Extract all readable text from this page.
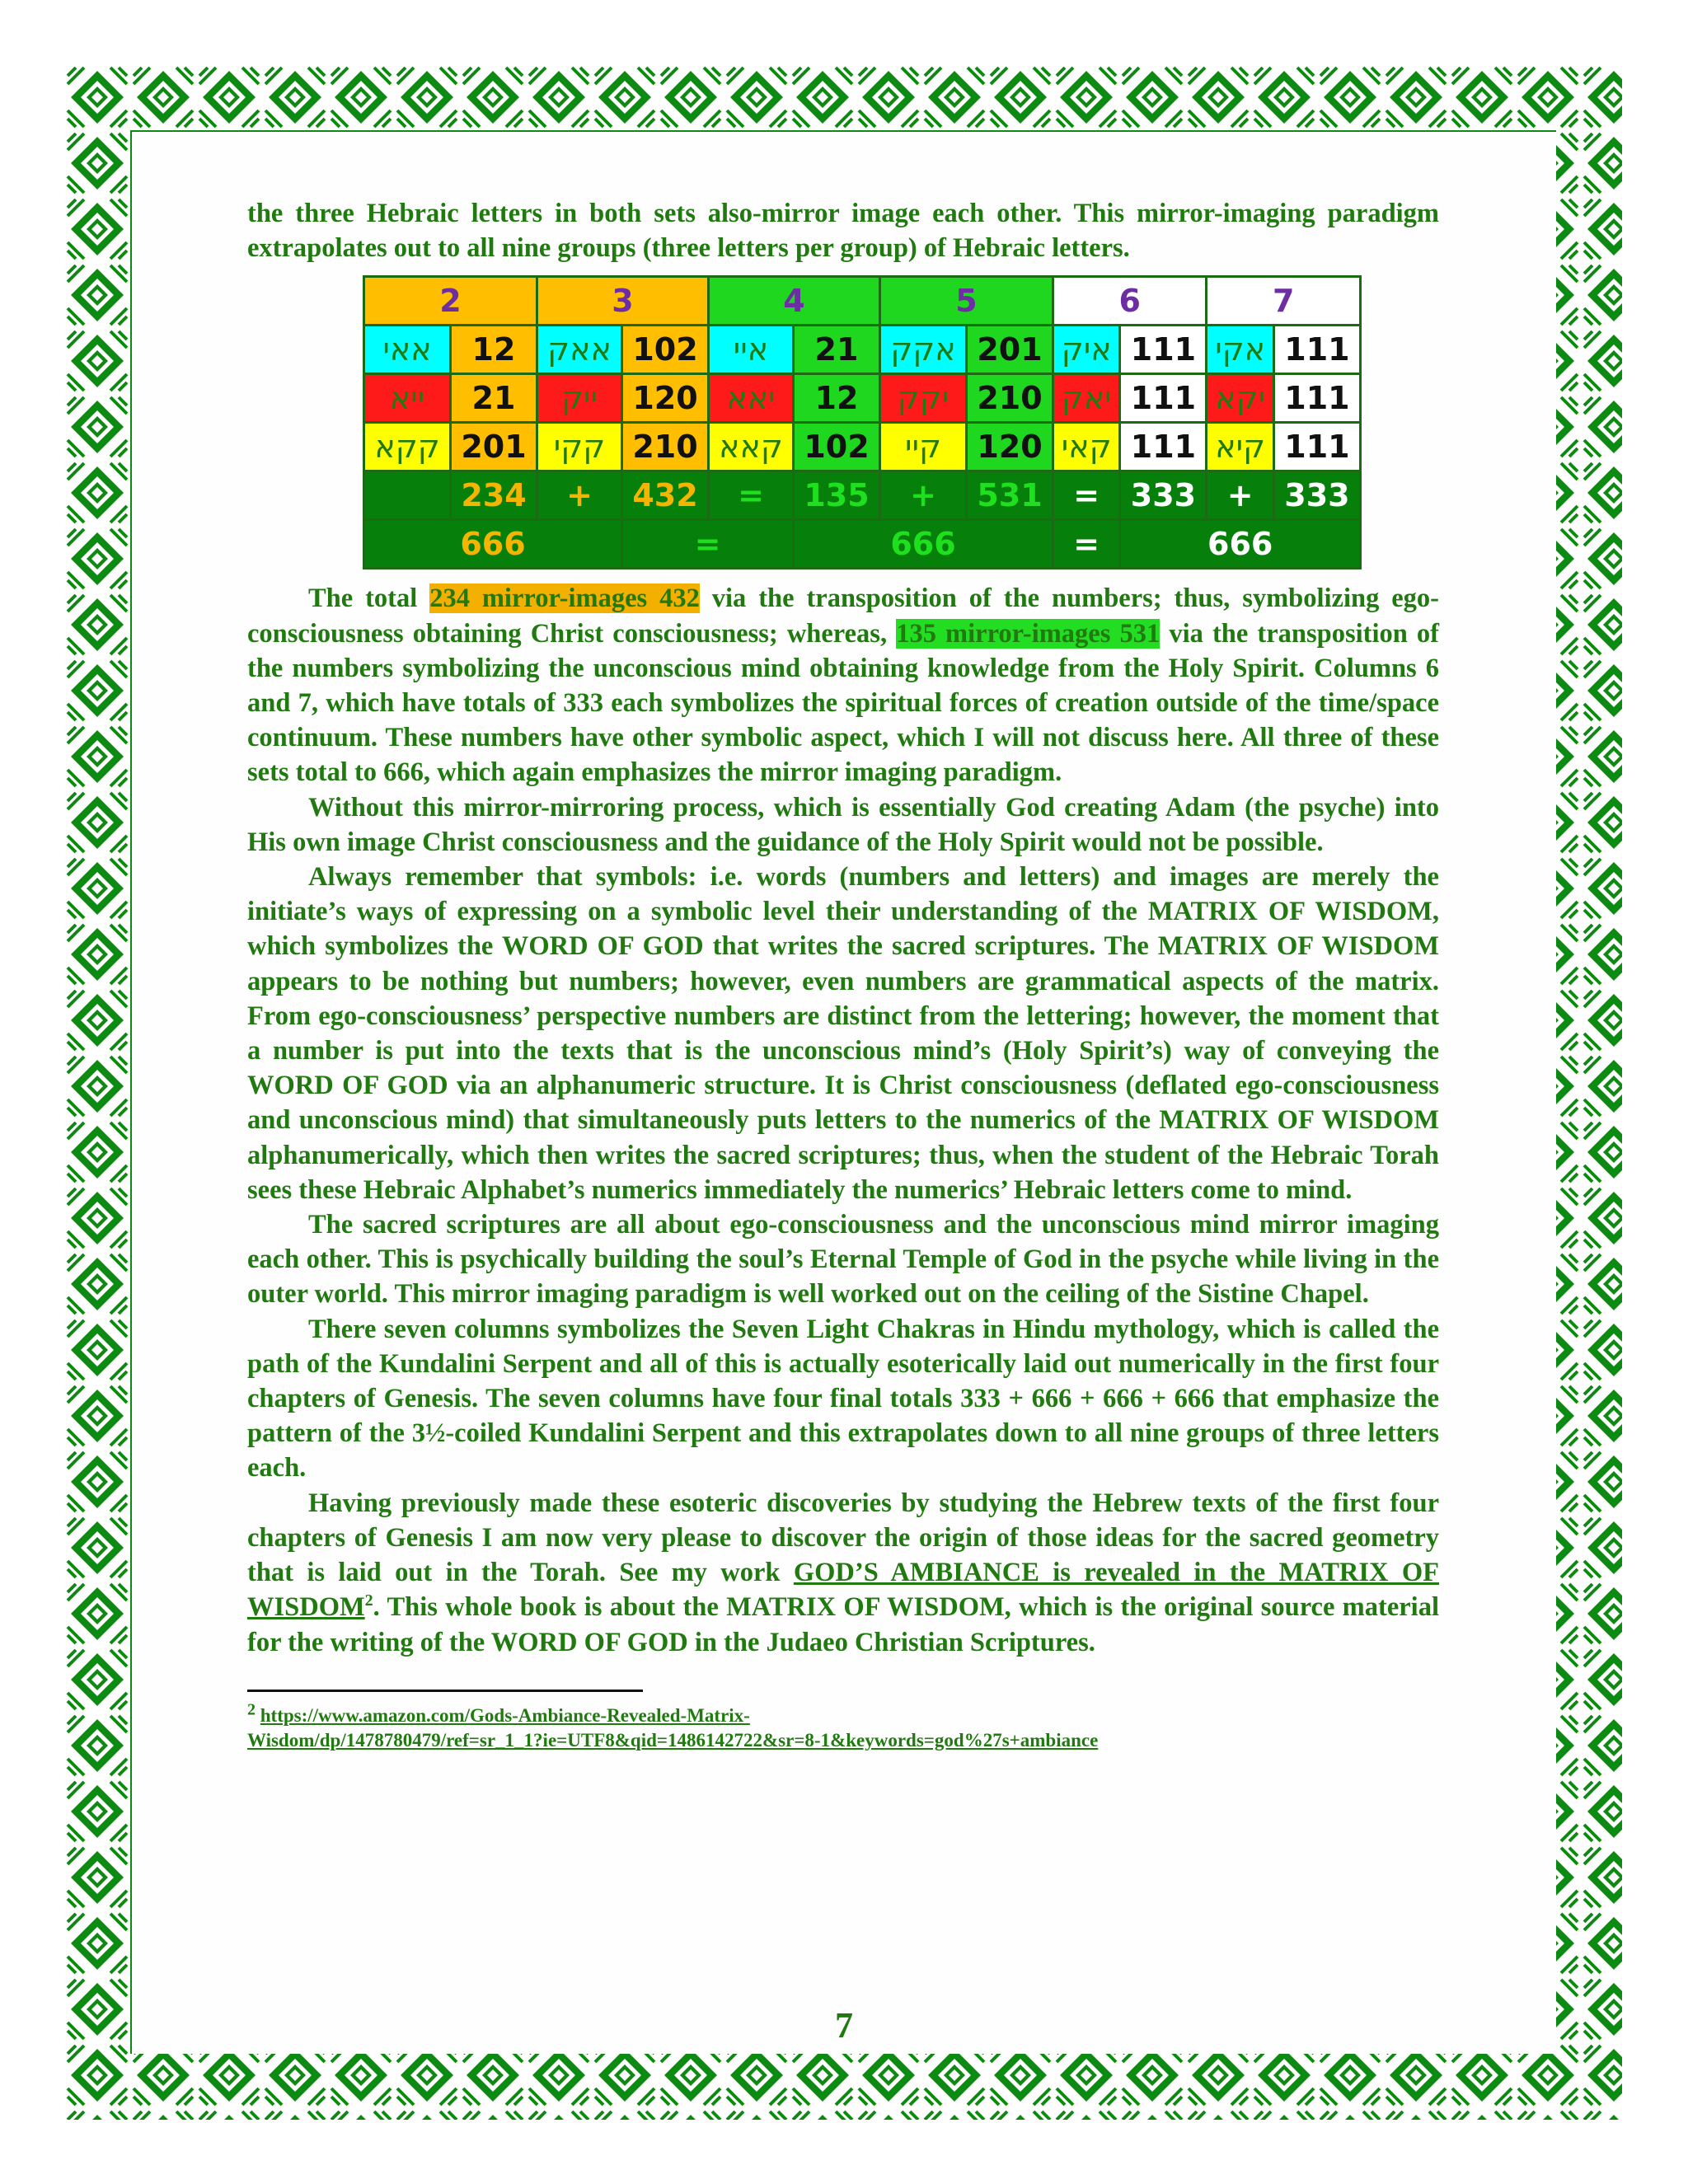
the three Hebraic letters in both sets also-mirror image each other. This mirror-imaging paradigm extrapolates out to all nine groups (three letters per group) of Hebraic letters.

2		3		4		5		6		7	
אאי	12	אאק	102	איי	21	אקק	201	איק	111	אקי	111
ייא	21	ייק	120	יאא	12	יקק	210	יאק	111	יקא	111
קקא	201	קקי	210	קאא	102	קיי	120	קאי	111	קיא	111
	234	+	432	=	135	+	531	=	333	+	333
666			=		666			=	666		

The total 234 mirror-images 432 via the transposition of the numbers; thus, symbolizing ego-consciousness obtaining Christ consciousness; whereas, 135 mirror-images 531 via the transposition of the numbers symbolizing the unconscious mind obtaining knowledge from the Holy Spirit. Columns 6 and 7, which have totals of 333 each symbolizes the spiritual forces of creation outside of the time/space continuum. These numbers have other symbolic aspect, which I will not discuss here. All three of these sets total to 666, which again emphasizes the mirror imaging paradigm.

Without this mirror-mirroring process, which is essentially God creating Adam (the psyche) into His own image Christ consciousness and the guidance of the Holy Spirit would not be possible.

Always remember that symbols: i.e. words (numbers and letters) and images are merely the initiate’s ways of expressing on a symbolic level their understanding of the MATRIX OF WISDOM, which symbolizes the WORD OF GOD that writes the sacred scriptures. The MATRIX OF WISDOM appears to be nothing but numbers; however, even numbers are grammatical aspects of the matrix. From ego-consciousness’ perspective numbers are distinct from the lettering; however, the moment that a number is put into the texts that is the unconscious mind’s (Holy Spirit’s) way of conveying the WORD OF GOD via an alphanumeric structure. It is Christ consciousness (deflated ego-consciousness and unconscious mind) that simultaneously puts letters to the numerics of the MATRIX OF WISDOM alphanumerically, which then writes the sacred scriptures; thus, when the student of the Hebraic Torah sees these Hebraic Alphabet’s numerics immediately the numerics’ Hebraic letters come to mind.

The sacred scriptures are all about ego-consciousness and the unconscious mind mirror imaging each other. This is psychically building the soul’s Eternal Temple of God in the psyche while living in the outer world. This mirror imaging paradigm is well worked out on the ceiling of the Sistine Chapel.

There seven columns symbolizes the Seven Light Chakras in Hindu mythology, which is called the path of the Kundalini Serpent and all of this is actually esoterically laid out numerically in the first four chapters of Genesis. The seven columns have four final totals 333 + 666 + 666 + 666 that emphasize the pattern of the 3½-coiled Kundalini Serpent and this extrapolates down to all nine groups of three letters each.

Having previously made these esoteric discoveries by studying the Hebrew texts of the first four chapters of Genesis I am now very please to discover the origin of those ideas for the sacred geometry that is laid out in the Torah. See my work GOD’S AMBIANCE is revealed in the MATRIX OF WISDOM$^2$. This whole book is about the MATRIX OF WISDOM, which is the original source material for the writing of the WORD OF GOD in the Judaeo Christian Scriptures.

$^2$ https://www.amazon.com/Gods-Ambiance-Revealed-Matrix-
Wisdom/dp/1478780479/ref=sr_1_1?ie=UTF8&qid=1486142722&sr=8-1&keywords=god%27s+ambiance
7
